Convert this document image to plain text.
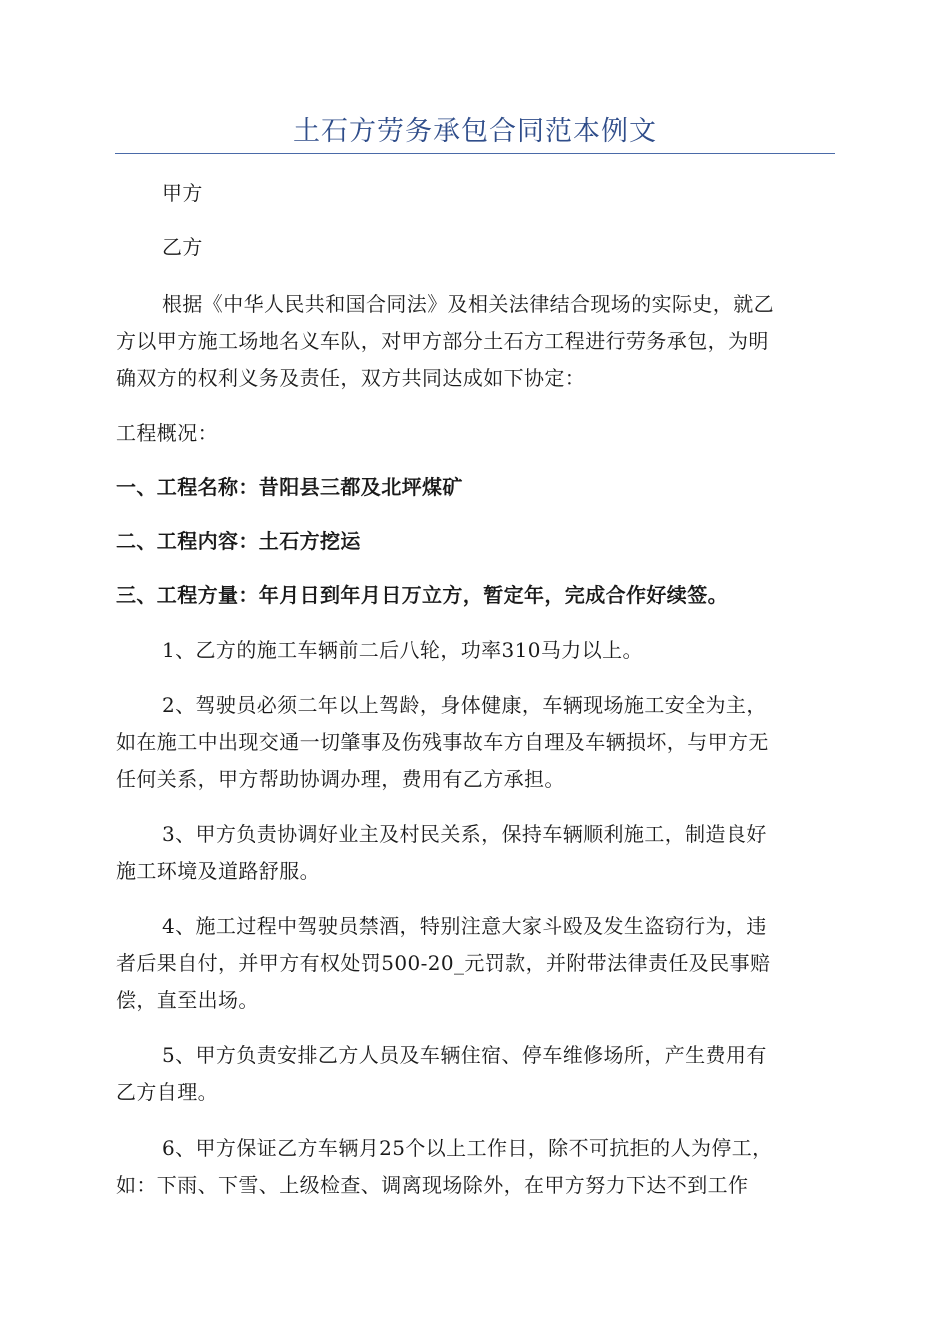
土石方劳务承包合同范本例文

甲方

乙方

根据《中华人民共和国合同法》及相关法律结合现场的实际史，就乙
方以甲方施工场地名义车队，对甲方部分土石方工程进行劳务承包，为明
确双方的权利义务及责任，双方共同达成如下协定：

工程概况：

一、工程名称：昔阳县三都及北坪煤矿

二、工程内容：土石方挖运

三、工程方量：年月日到年月日万立方，暂定年，完成合作好续签。

1、乙方的施工车辆前二后八轮，功率310马力以上。

2、驾驶员必须二年以上驾龄，身体健康，车辆现场施工安全为主，
如在施工中出现交通一切肇事及伤残事故车方自理及车辆损坏，与甲方无
任何关系，甲方帮助协调办理，费用有乙方承担。

3、甲方负责协调好业主及村民关系，保持车辆顺利施工，制造良好
施工环境及道路舒服。

4、施工过程中驾驶员禁酒，特别注意大家斗殴及发生盗窃行为，违
者后果自付，并甲方有权处罚500-20_元罚款，并附带法律责任及民事赔
偿，直至出场。

5、甲方负责安排乙方人员及车辆住宿、停车维修场所，产生费用有
乙方自理。

6、甲方保证乙方车辆月25个以上工作日，除不可抗拒的人为停工，
如：下雨、下雪、上级检查、调离现场除外，在甲方努力下达不到工作
